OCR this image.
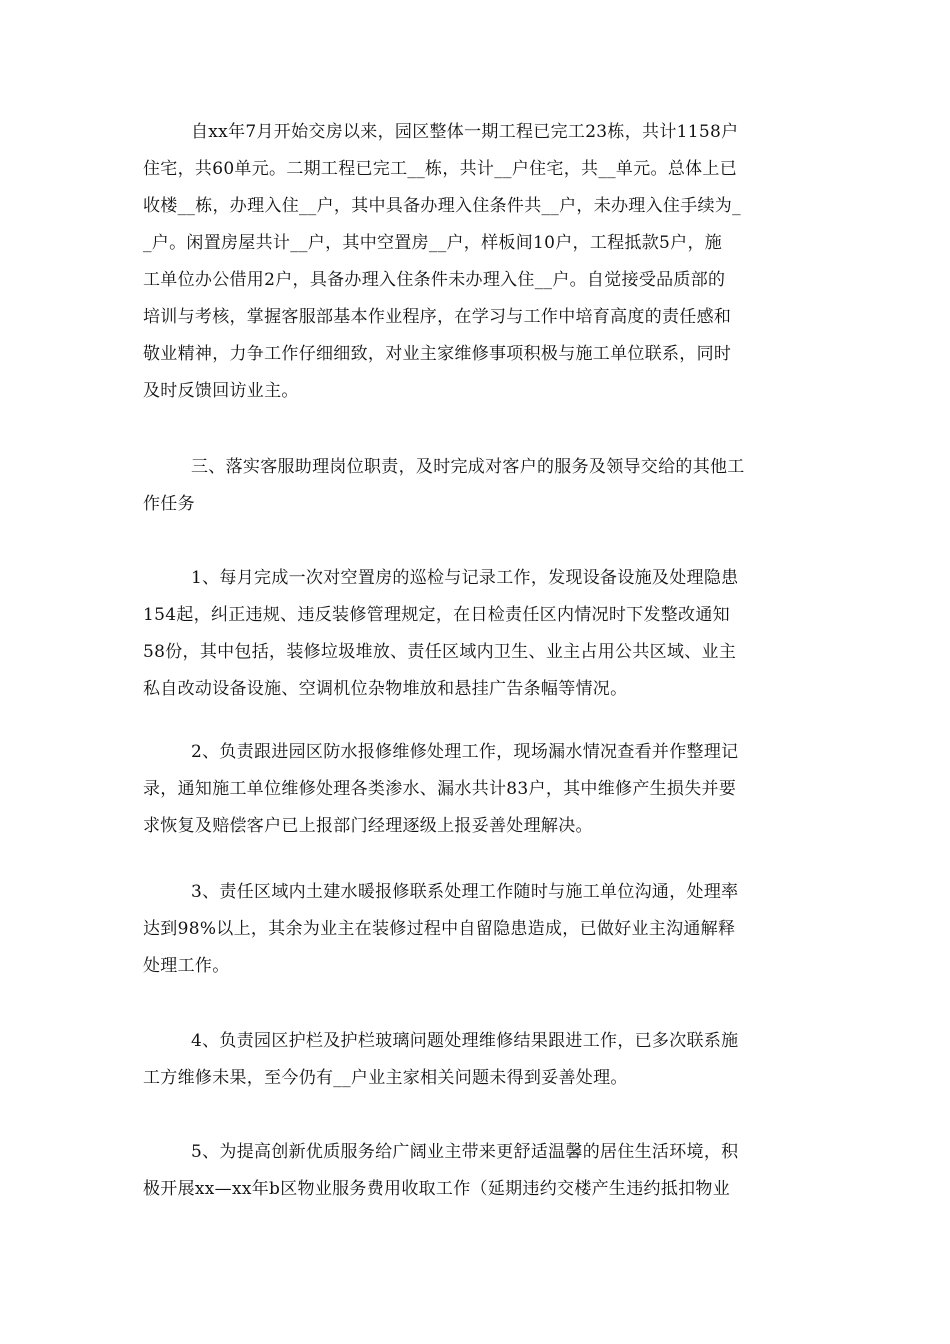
自xx年7月开始交房以来，园区整体一期工程已完工23栋，共计1158户
住宅，共60单元。二期工程已完工__栋，共计__户住宅，共__单元。总体上已
收楼__栋，办理入住__户，其中具备办理入住条件共__户，未办理入住手续为_
_户。闲置房屋共计__户，其中空置房__户，样板间10户，工程抵款5户，施
工单位办公借用2户，具备办理入住条件未办理入住__户。自觉接受品质部的
培训与考核，掌握客服部基本作业程序，在学习与工作中培育高度的责任感和
敬业精神，力争工作仔细细致，对业主家维修事项积极与施工单位联系，同时
及时反馈回访业主。
三、落实客服助理岗位职责，及时完成对客户的服务及领导交给的其他工
作任务
1、每月完成一次对空置房的巡检与记录工作，发现设备设施及处理隐患
154起，纠正违规、违反装修管理规定，在日检责任区内情况时下发整改通知
58份，其中包括，装修垃圾堆放、责任区域内卫生、业主占用公共区域、业主
私自改动设备设施、空调机位杂物堆放和悬挂广告条幅等情况。
2、负责跟进园区防水报修维修处理工作，现场漏水情况查看并作整理记
录，通知施工单位维修处理各类渗水、漏水共计83户，其中维修产生损失并要
求恢复及赔偿客户已上报部门经理逐级上报妥善处理解决。
3、责任区域内土建水暖报修联系处理工作随时与施工单位沟通，处理率
达到98%以上，其余为业主在装修过程中自留隐患造成，已做好业主沟通解释
处理工作。
4、负责园区护栏及护栏玻璃问题处理维修结果跟进工作，已多次联系施
工方维修未果，至今仍有__户业主家相关问题未得到妥善处理。
5、为提高创新优质服务给广阔业主带来更舒适温馨的居住生活环境，积
极开展xx—xx年b区物业服务费用收取工作（延期违约交楼产生违约抵扣物业
